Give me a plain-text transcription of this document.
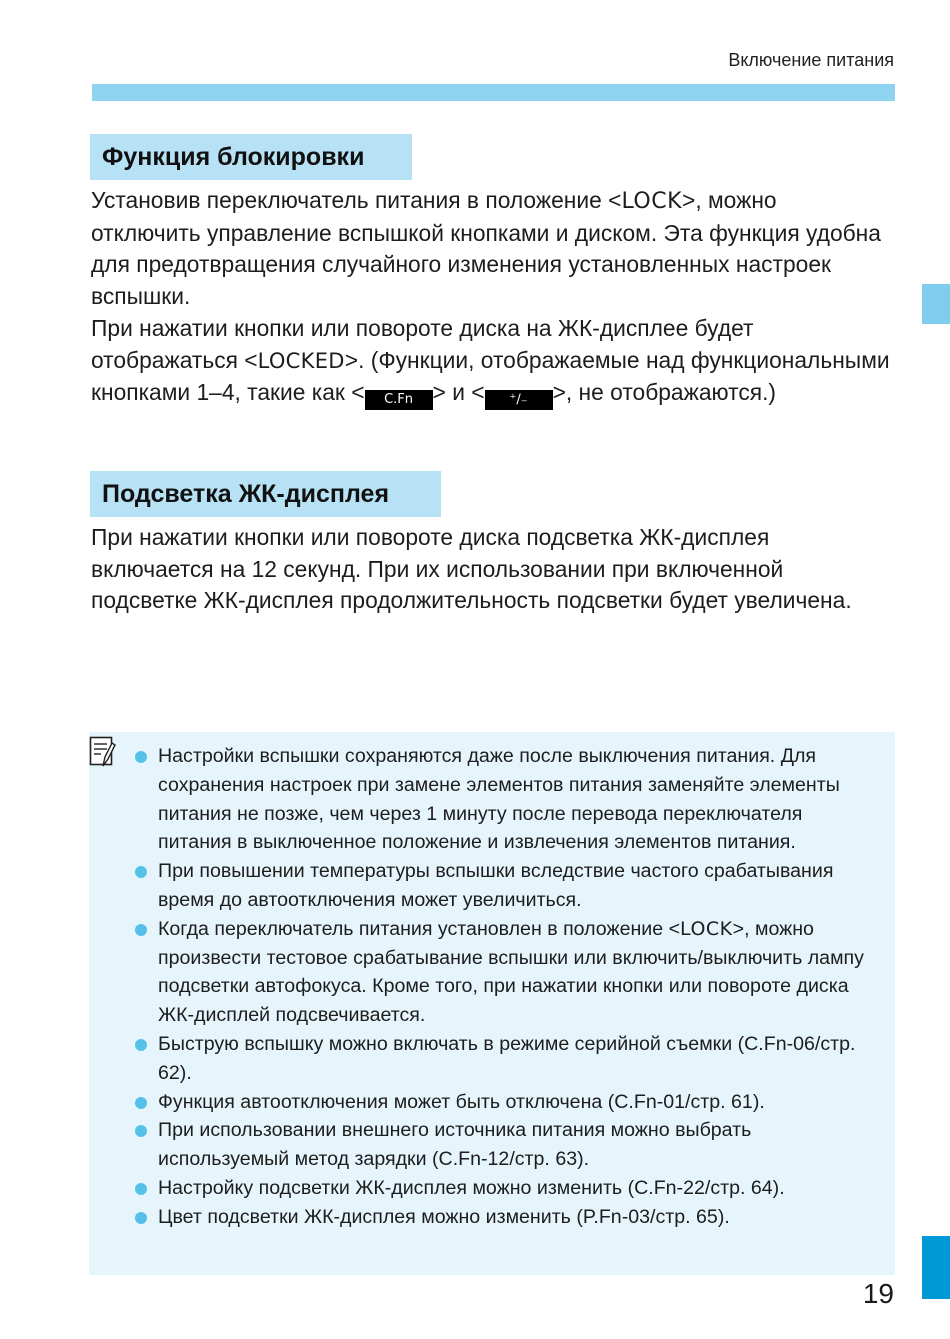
Включение питания
Функция блокировки

Установив переключатель питания в положение <LOCK>, можно отключить управление вспышкой кнопками и диском. Эта функция удобна для предотвращения случайного изменения установленных настроек вспышки.

При нажатии кнопки или повороте диска на ЖК-дисплее будет отображаться <LOCKED>. (Функции, отображаемые над функциональными кнопками 1–4, такие как < C.Fn > и < ⁺∕₋ >, не отображаются.)

Подсветка ЖК-дисплея

При нажатии кнопки или повороте диска подсветка ЖК-дисплея включается на 12 секунд. При их использовании при включенной подсветке ЖК-дисплея продолжительность подсветки будет увеличена.

Настройки вспышки сохраняются даже после выключения питания. Для сохранения настроек при замене элементов питания заменяйте элементы питания не позже, чем через 1 минуту после перевода переключателя питания в выключенное положение и извлечения элементов питания.
При повышении температуры вспышки вследствие частого срабатывания время до автоотключения может увеличиться.
Когда переключатель питания установлен в положение <LOCK>, можно произвести тестовое срабатывание вспышки или включить/выключить лампу подсветки автофокуса. Кроме того, при нажатии кнопки или повороте диска ЖК-дисплей подсвечивается.
Быструю вспышку можно включать в режиме серийной съемки (C.Fn-06/стр. 62).
Функция автоотключения может быть отключена (C.Fn-01/стр. 61).
При использовании внешнего источника питания можно выбрать используемый метод зарядки (C.Fn-12/стр. 63).
Настройку подсветки ЖК-дисплея можно изменить (C.Fn-22/стр. 64).
Цвет подсветки ЖК-дисплея можно изменить (P.Fn-03/стр. 65).
19
